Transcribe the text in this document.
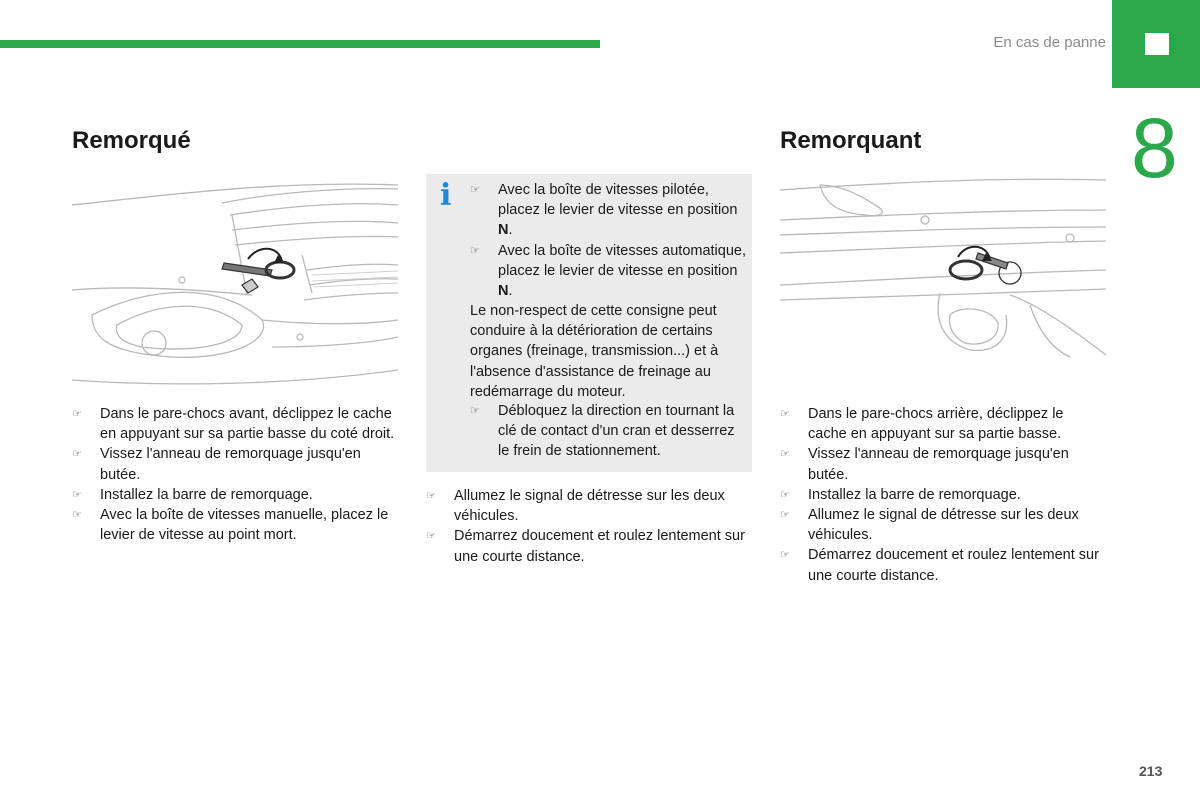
En cas de panne
8
Remorqué	Remorquant
i ☞ Avec la boîte de vitesses pilotée, placez le levier de vitesse en position N.
☞ Avec la boîte de vitesses automatique, placez le levier de vitesse en position N.

Le non-respect de cette consigne peut conduire à la détérioration de certains organes (freinage, transmission...) et à l'absence d'assistance de freinage au redémarrage du moteur.

☞ Débloquez la direction en tournant la clé de contact d'un cran et desserrez le frein de stationnement.
☞ Dans le pare-chocs avant, déclippez le cache en appuyant sur sa partie basse du coté droit.
☞ Vissez l'anneau de remorquage jusqu'en butée.
☞ Installez la barre de remorquage.
☞ Avec la boîte de vitesses manuelle, placez le levier de vitesse au point mort.
☞ Allumez le signal de détresse sur les deux véhicules.
☞ Démarrez doucement et roulez lentement sur une courte distance.
☞ Dans le pare-chocs arrière, déclippez le cache en appuyant sur sa partie basse.
☞ Vissez l'anneau de remorquage jusqu'en butée.
☞ Installez la barre de remorquage.
☞ Allumez le signal de détresse sur les deux véhicules.
☞ Démarrez doucement et roulez lentement sur une courte distance.
213
